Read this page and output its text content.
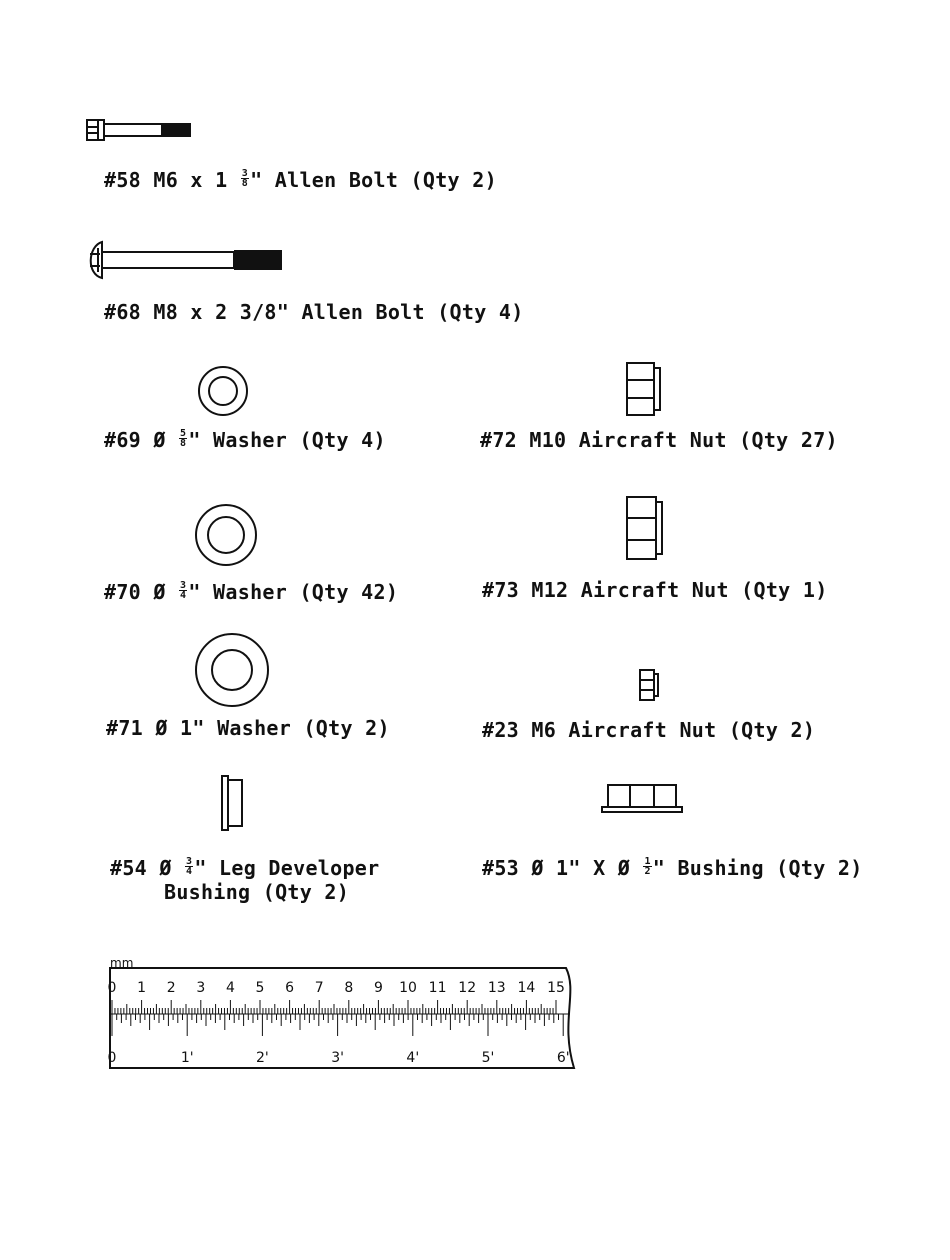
#58 M6 x $1 \frac{3}{8}$ " Allen Bolt (Qty 2)
#68 M8 x 2 3/8" Allen Bolt (Qty 4)
#69 Ø $\frac{5}{8}$ " Washer (Qty 4)	#72 M10 Aircraft Nut (Qty 27)
#70 Ø $\frac{3}{4}$ " Washer (Qty 42)	#73 M12 Aircraft Nut (Qty 1)
#71 Ø 1" Washer (Qty 2)	#23 M6 Aircraft Nut (Qty 2)
#54 Ø $\frac{3}{4}$ " Leg Developer
Bushing (Qty 2)
#53 Ø 1" X Ø $\frac{1}{2}$ " Bushing (Qty 2)
mm
0 1 2 3 4 5 6 7 8 9 10 11 12 13 14 15
0	1'	2'	3'	4'	5'	6'
